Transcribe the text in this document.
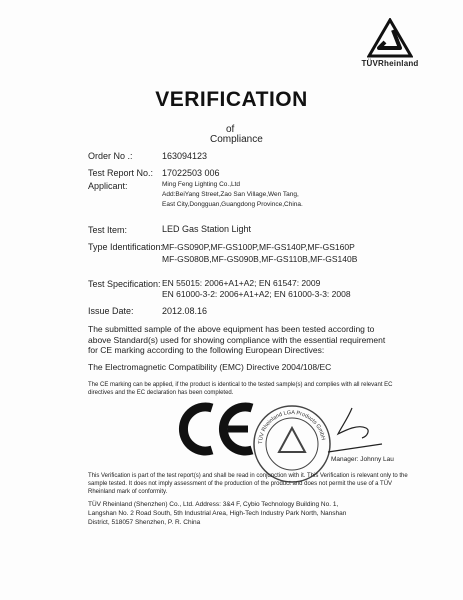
TÜVRheinland
VERIFICATION
of
Compliance
Order No .:	163094123
Test Report No.: 17022503 006
Applicant:	Ming Feng Lighting Co.,Ltd
Add:BeiYang Street,Zao San Village,Wen Tang,
East City,Dongguan,Guangdong Province,China.
Test Item:	LED Gas Station Light
Type Identification:
MF-GS090P,MF-GS100P,MF-GS140P,MF-GS160P
MF-GS080B,MF-GS090B,MF-GS110B,MF-GS140B
Test Specification: EN 55015: 2006+A1+A2; EN 61547: 2009
EN 61000-3-2: 2006+A1+A2; EN 61000-3-3: 2008
Issue Date:	2012.08.16
The submitted sample of the above equipment has been tested according to above Standard(s) used for showing compliance with the essential requirement for CE marking according to the following European Directives:
The Electromagnetic Compatibility (EMC) Directive 2004/108/EC
The CE marking can be applied, if the product is identical to the tested sample(s) and complies with all relevant EC directives and the EC declaration has been completed.
TÜV Rheinland LGA Products GmbH
Manager: Johnny Lau
This Verification is part of the test report(s) and shall be read in conjunction with it. This Verification is relevant only to the sample tested. It does not imply assessment of the production of the product and does not permit the use of a TÜV Rheinland mark of conformity.
TÜV Rheinland (Shenzhen) Co., Ltd. Address: 3&4 F, Cybio Technology Building No. 1,
Langshan No. 2 Road South, 5th Industrial Area, High-Tech Industry Park North, Nanshan
District, 518057 Shenzhen, P. R. China
